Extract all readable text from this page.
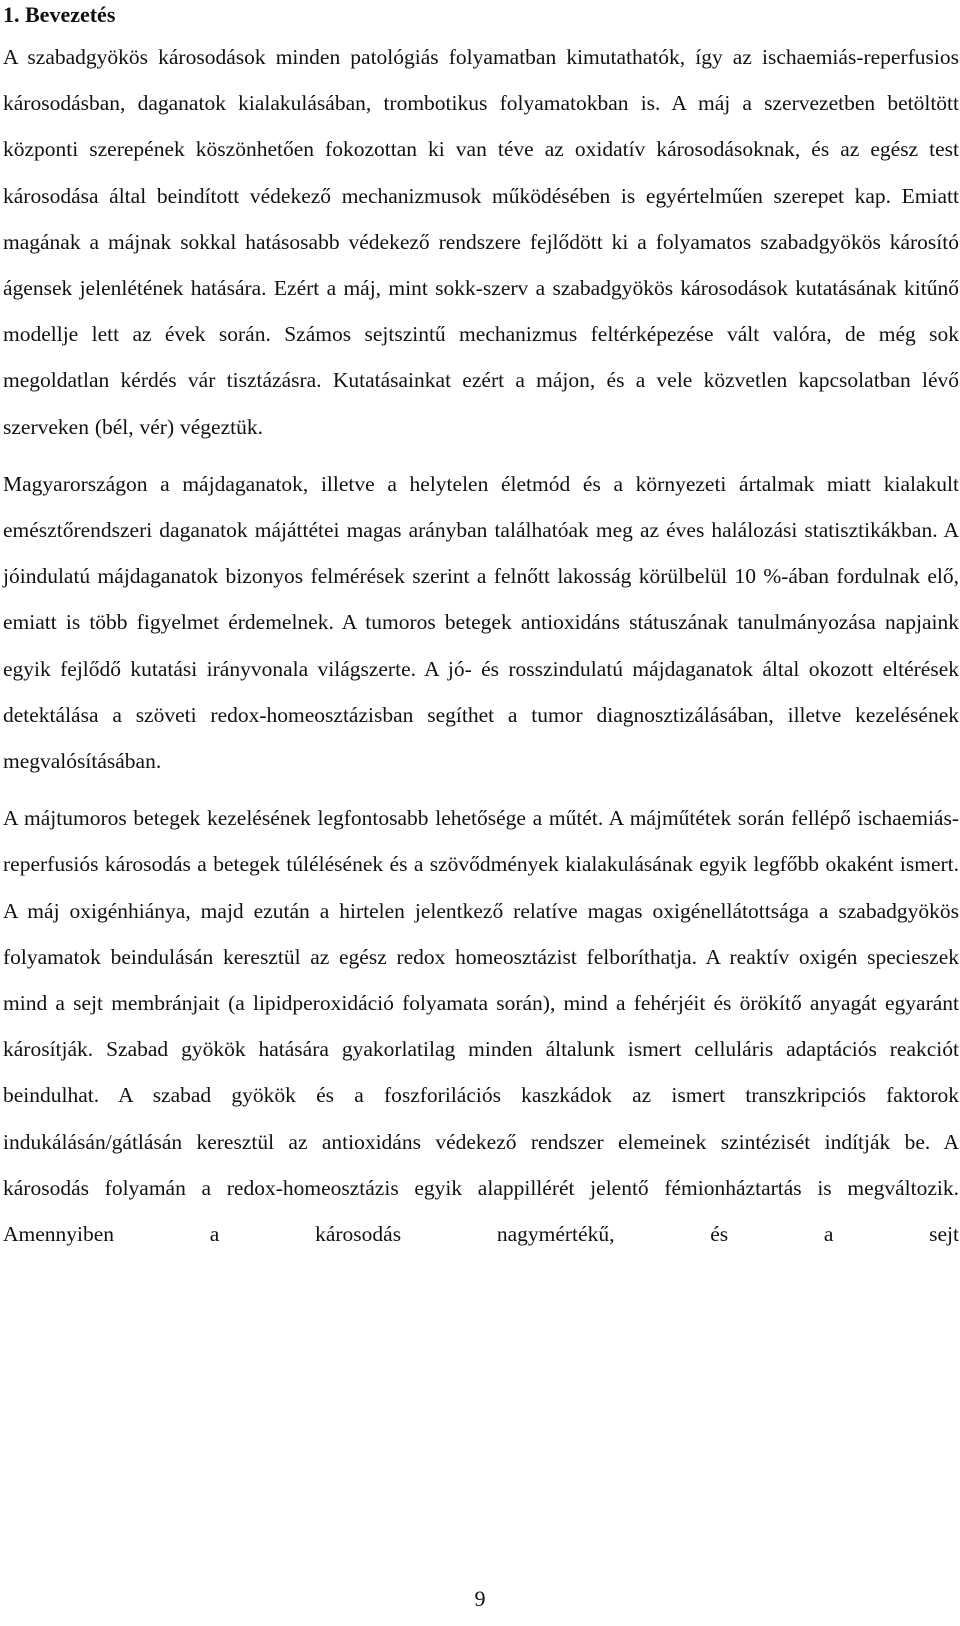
1. Bevezetés

A szabadgyökös károsodások minden patológiás folyamatban kimutathatók, így az ischaemiás-reperfusios károsodásban, daganatok kialakulásában, trombotikus folyamatokban is. A máj a szervezetben betöltött központi szerepének köszönhetően fokozottan ki van téve az oxidatív károsodásoknak, és az egész test károsodása által beindított védekező mechanizmusok működésében is egyértelműen szerepet kap. Emiatt magának a májnak sokkal hatásosabb védekező rendszere fejlődött ki a folyamatos szabadgyökös károsító ágensek jelenlétének hatására. Ezért a máj, mint sokk-szerv a szabadgyökös károsodások kutatásának kitűnő modellje lett az évek során. Számos sejtszintű mechanizmus feltérképezése vált valóra, de még sok megoldatlan kérdés vár tisztázásra. Kutatásainkat ezért a májon, és a vele közvetlen kapcsolatban lévő szerveken (bél, vér) végeztük.

Magyarországon a májdaganatok, illetve a helytelen életmód és a környezeti ártalmak miatt kialakult emésztőrendszeri daganatok májáttétei magas arányban találhatóak meg az éves halálozási statisztikákban. A jóindulatú májdaganatok bizonyos felmérések szerint a felnőtt lakosság körülbelül 10 %-ában fordulnak elő, emiatt is több figyelmet érdemelnek. A tumoros betegek antioxidáns státuszának tanulmányozása napjaink egyik fejlődő kutatási irányvonala világszerte. A jó- és rosszindulatú májdaganatok által okozott eltérések detektálása a szöveti redox-homeosztázisban segíthet a tumor diagnosztizálásában, illetve kezelésének megvalósításában.

A májtumoros betegek kezelésének legfontosabb lehetősége a műtét. A májműtétek során fellépő ischaemiás-reperfusiós károsodás a betegek túlélésének és a szövődmények kialakulásának egyik legfőbb okaként ismert. A máj oxigénhiánya, majd ezután a hirtelen jelentkező relatíve magas oxigénellátottsága a szabadgyökös folyamatok beindulásán keresztül az egész redox homeosztázist felboríthatja. A reaktív oxigén specieszek mind a sejt membránjait (a lipidperoxidáció folyamata során), mind a fehérjéit és örökítő anyagát egyaránt károsítják. Szabad gyökök hatására gyakorlatilag minden általunk ismert celluláris adaptációs reakciót beindulhat. A szabad gyökök és a foszforilációs kaszkádok az ismert transzkripciós faktorok indukálásán/gátlásán keresztül az antioxidáns védekező rendszer elemeinek szintézisét indítják be. A károsodás folyamán a redox-homeosztázis egyik alappillérét jelentő fémionháztartás is megváltozik. Amennyiben a károsodás nagymértékű, és a sejt

9
